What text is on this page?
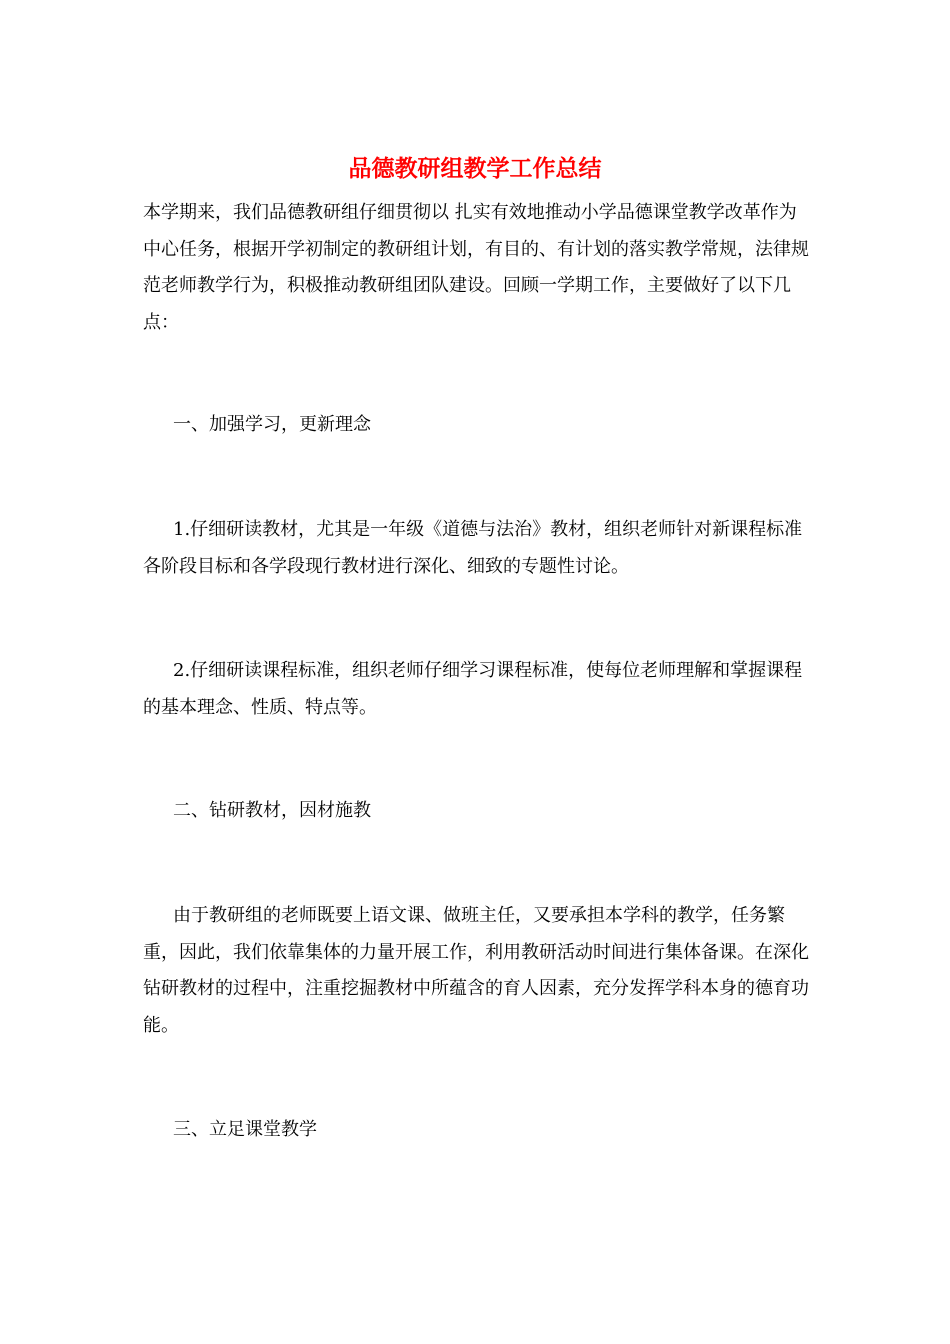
品德教研组教学工作总结

本学期来，我们品德教研组仔细贯彻以 扎实有效地推动小学品德课堂教学改革作为中心任务，根据开学初制定的教研组计划，有目的、有计划的落实教学常规，法律规范老师教学行为，积极推动教研组团队建设。回顾一学期工作，主要做好了以下几点：

一、加强学习，更新理念

1.仔细研读教材，尤其是一年级《道德与法治》教材，组织老师针对新课程标准各阶段目标和各学段现行教材进行深化、细致的专题性讨论。

2.仔细研读课程标准，组织老师仔细学习课程标准，使每位老师理解和掌握课程的基本理念、性质、特点等。

二、钻研教材，因材施教

由于教研组的老师既要上语文课、做班主任，又要承担本学科的教学，任务繁重，因此，我们依靠集体的力量开展工作，利用教研活动时间进行集体备课。在深化钻研教材的过程中，注重挖掘教材中所蕴含的育人因素，充分发挥学科本身的德育功能。

三、立足课堂教学
